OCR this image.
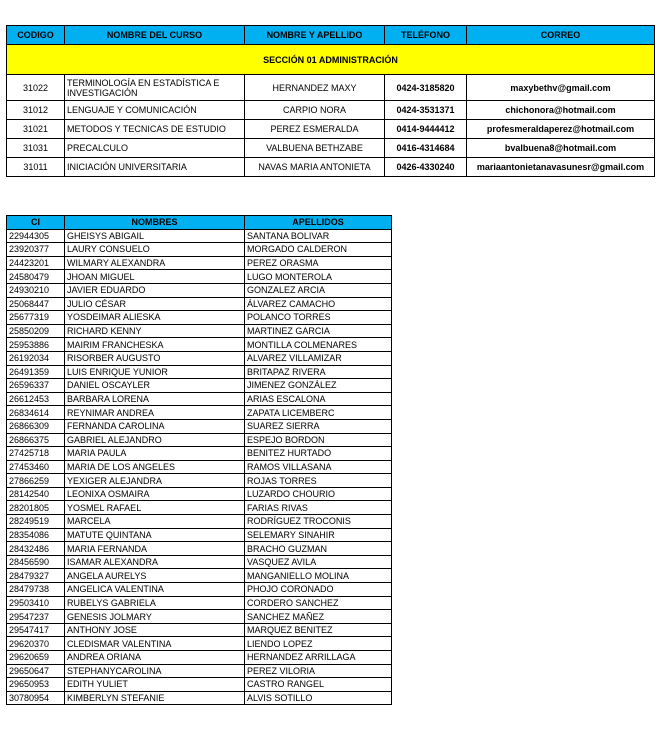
SECCIÓN 01 ADMINISTRACIÓN				
CODIGO	NOMBRE DEL CURSO	NOMBRE Y APELLIDO	TELÉFONO	CORREO
31022	TERMINOLOGÍA EN ESTADÍSTICA E INVESTIGACIÓN	HERNANDEZ MAXY	0424-3185820	maxybethv@gmail.com
31012	LENGUAJE Y COMUNICACIÓN	CARPIO NORA	0424-3531371	chichonora@hotmail.com
31021	METODOS Y TECNICAS DE ESTUDIO	PEREZ ESMERALDA	0414-9444412	profesmeraldaperez@hotmail.com
31031	PRECALCULO	VALBUENA BETHZABE	0416-4314684	bvalbuena8@hotmail.com
31011	INICIACIÓN UNIVERSITARIA	NAVAS MARIA ANTONIETA	0426-4330240	mariaantonietanavasunesr@gmail.com
CI	NOMBRES	APELLIDOS
22944305	GHEISYS ABIGAIL	SANTANA BOLIVAR
23920377	LAURY CONSUELO	MORGADO CALDERON
24423201	WILMARY ALEXANDRA	PEREZ ORASMA
24580479	JHOAN MIGUEL	LUGO MONTEROLA
24930210	JAVIER EDUARDO	GONZALEZ ARCIA
25068447	JULIO CÉSAR	ÁLVAREZ CAMACHO
25677319	YOSDEIMAR ALIESKA	POLANCO TORRES
25850209	RICHARD KENNY	MARTINEZ GARCIA
25953886	MAIRIM FRANCHESKA	MONTILLA COLMENARES
26192034	RISORBER AUGUSTO	ALVAREZ VILLAMIZAR
26491359	LUIS ENRIQUE YUNIOR	BRITAPAZ RIVERA
26596337	DANIEL OSCAYLER	JIMENEZ GONZÁLEZ
26612453	BARBARA LORENA	ARIAS ESCALONA
26834614	REYNIMAR ANDREA	ZAPATA LICEMBERC
26866309	FERNANDA CAROLINA	SUAREZ SIERRA
26866375	GABRIEL ALEJANDRO	ESPEJO BORDON
27425718	MARIA PAULA	BENITEZ HURTADO
27453460	MARIA DE LOS ANGELES	RAMOS VILLASANA
27866259	YEXIGER ALEJANDRA	ROJAS TORRES
28142540	LEONIXA OSMAIRA	LUZARDO CHOURIO
28201805	YOSMEL RAFAEL	FARIAS RIVAS
28249519	MARCELA	RODRÍGUEZ TROCONIS
28354086	MATUTE QUINTANA	SELEMARY SINAHIR
28432486	MARIA FERNANDA	BRACHO GUZMAN
28456590	ISAMAR ALEXANDRA	VASQUEZ AVILA
28479327	ANGELA AURELYS	MANGANIELLO MOLINA
28479738	ANGELICA VALENTINA	PHOJO CORONADO
29503410	RUBELYS GABRIELA	CORDERO SANCHEZ
29547237	GENESIS JOLMARY	SANCHEZ MAÑEZ
29547417	ANTHONY JOSE	MARQUEZ BENITEZ
29620370	CLEDISMAR VALENTINA	LIENDO LOPEZ
29620659	ANDREA ORIANA	HERNANDEZ ARRILLAGA
29650647	STEPHANYCAROLINA	PEREZ VILORIA
29650953	EDITH YULIET	CASTRO RANGEL
30780954	KIMBERLYN STEFANIE	ALVIS SOTILLO
